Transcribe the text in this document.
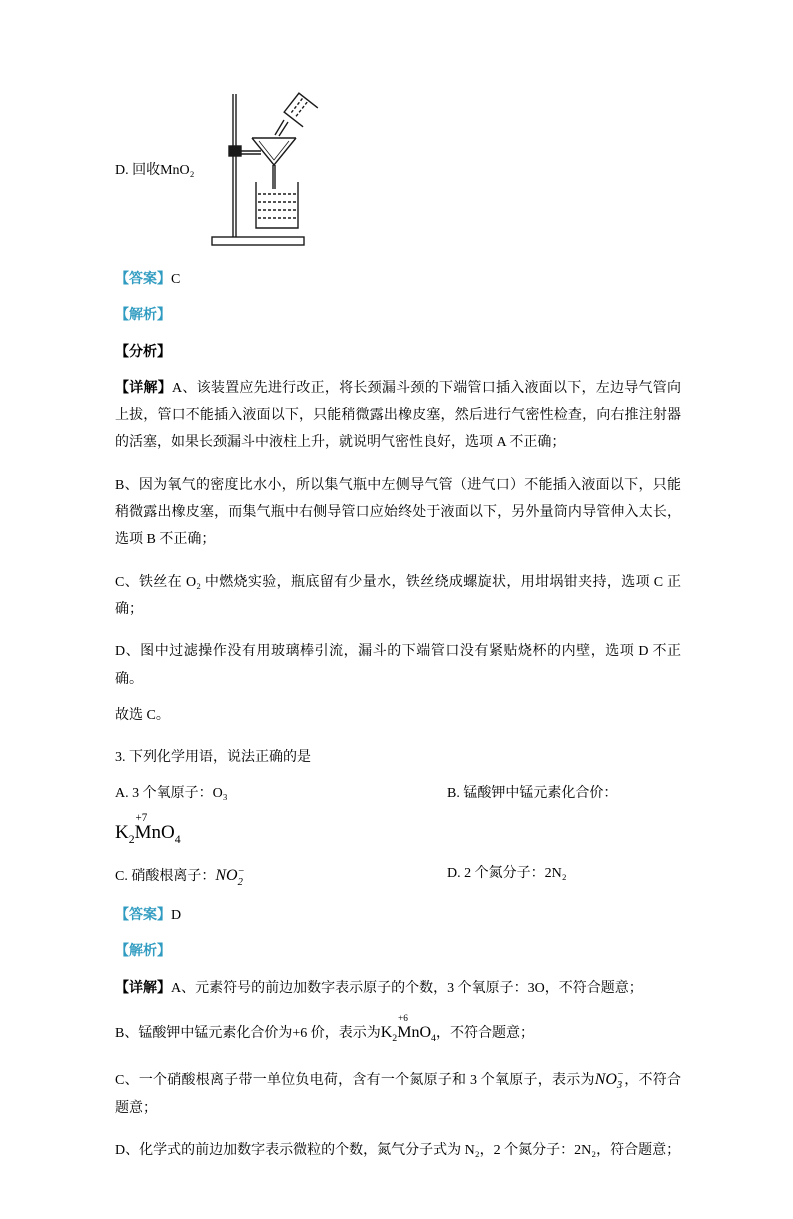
D. 回收MnO₂

【答案】C

【解析】

【分析】

【详解】A、该装置应先进行改正，将长颈漏斗颈的下端管口插入液面以下，左边导气管向上拔，管口不能插入液面以下，只能稍微露出橡皮塞，然后进行气密性检查，向右推注射器的活塞，如果长颈漏斗中液柱上升，就说明气密性良好，选项 A 不正确；

B、因为氧气的密度比水小，所以集气瓶中左侧导气管（进气口）不能插入液面以下，只能稍微露出橡皮塞，而集气瓶中右侧导管口应始终处于液面以下，另外量筒内导管伸入太长，选项 B 不正确；

C、铁丝在 O₂ 中燃烧实验，瓶底留有少量水，铁丝绕成螺旋状，用坩埚钳夹持，选项 C 正确；

D、图中过滤操作没有用玻璃棒引流，漏斗的下端管口没有紧贴烧杯的内壁，选项 D 不正确。

故选 C。

3. 下列化学用语，说法正确的是

A. 3 个氧原子：O₃	B. 锰酸钾中锰元素化合价：

$K_2$
+7
MnO$_4$

C. 硝酸根离子：NO −
2
D. 2 个氮分子：2N₂

【答案】D

【解析】

【详解】A、元素符号的前边加数字表示原子的个数，3 个氧原子：3O，不符合题意；

B、锰酸钾中锰元素化合价为+6 价，表示为$K_2$
+6
MnO$_4$，不符合题意；

C、一个硝酸根离子带一单位负电荷，含有一个氮原子和 3 个氧原子，表示为NO −
3 ，不符合题意；

D、化学式的前边加数字表示微粒的个数，氮气分子式为 N₂，2 个氮分子：2N₂，符合题意；
